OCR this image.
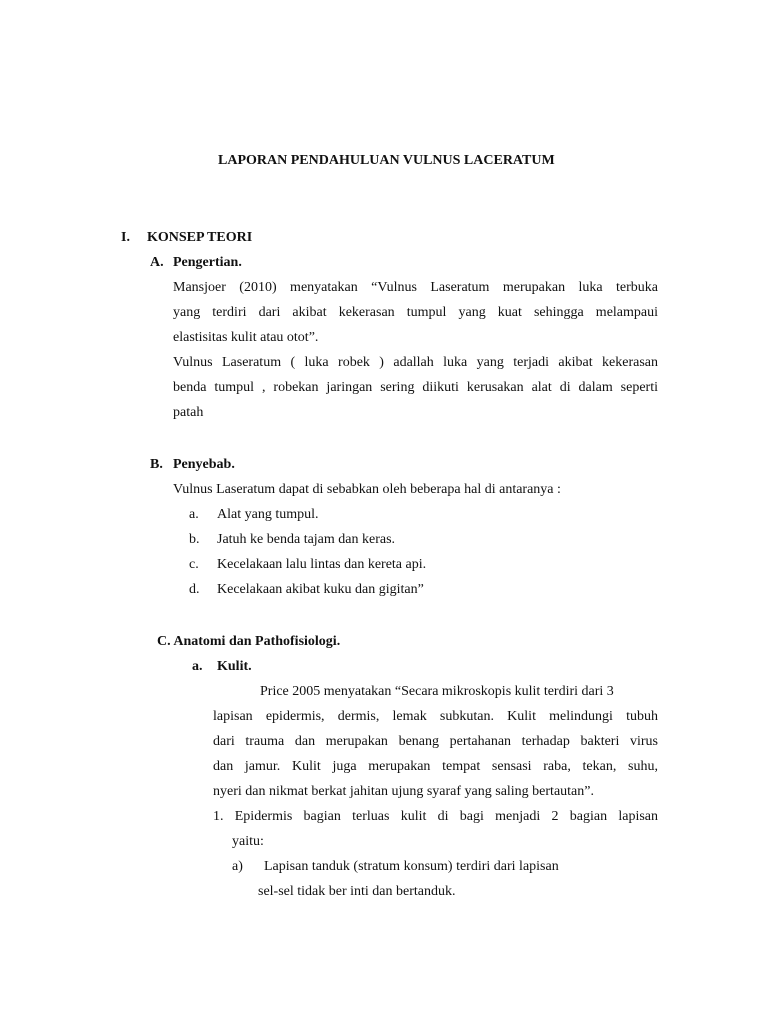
LAPORAN PENDAHULUAN VULNUS LACERATUM
I. KONSEP TEORI
A. Pengertian.
Mansjoer (2010) menyatakan “Vulnus Laseratum merupakan luka terbuka
yang terdiri dari akibat kekerasan tumpul yang kuat sehingga melampaui
elastisitas kulit atau otot”.
Vulnus Laseratum ( luka robek ) adallah luka yang terjadi akibat kekerasan
benda tumpul , robekan jaringan sering diikuti kerusakan alat di dalam seperti
patah
B. Penyebab.
Vulnus Laseratum dapat di sebabkan oleh beberapa hal di antaranya :
a. Alat yang tumpul.
b. Jatuh ke benda tajam dan keras.
c. Kecelakaan lalu lintas dan kereta api.
d. Kecelakaan akibat kuku dan gigitan”
C. Anatomi dan Pathofisiologi.
a. Kulit.
Price 2005 menyatakan “Secara mikroskopis kulit terdiri dari 3
lapisan epidermis, dermis, lemak subkutan. Kulit melindungi tubuh
dari trauma dan merupakan benang pertahanan terhadap bakteri virus
dan jamur. Kulit juga merupakan tempat sensasi raba, tekan, suhu,
nyeri dan nikmat berkat jahitan ujung syaraf yang saling bertautan”.
1. Epidermis bagian terluas kulit di bagi menjadi 2 bagian lapisan
yaitu:
a) Lapisan tanduk (stratum konsum) terdiri dari lapisan
sel-sel tidak ber inti dan bertanduk.
